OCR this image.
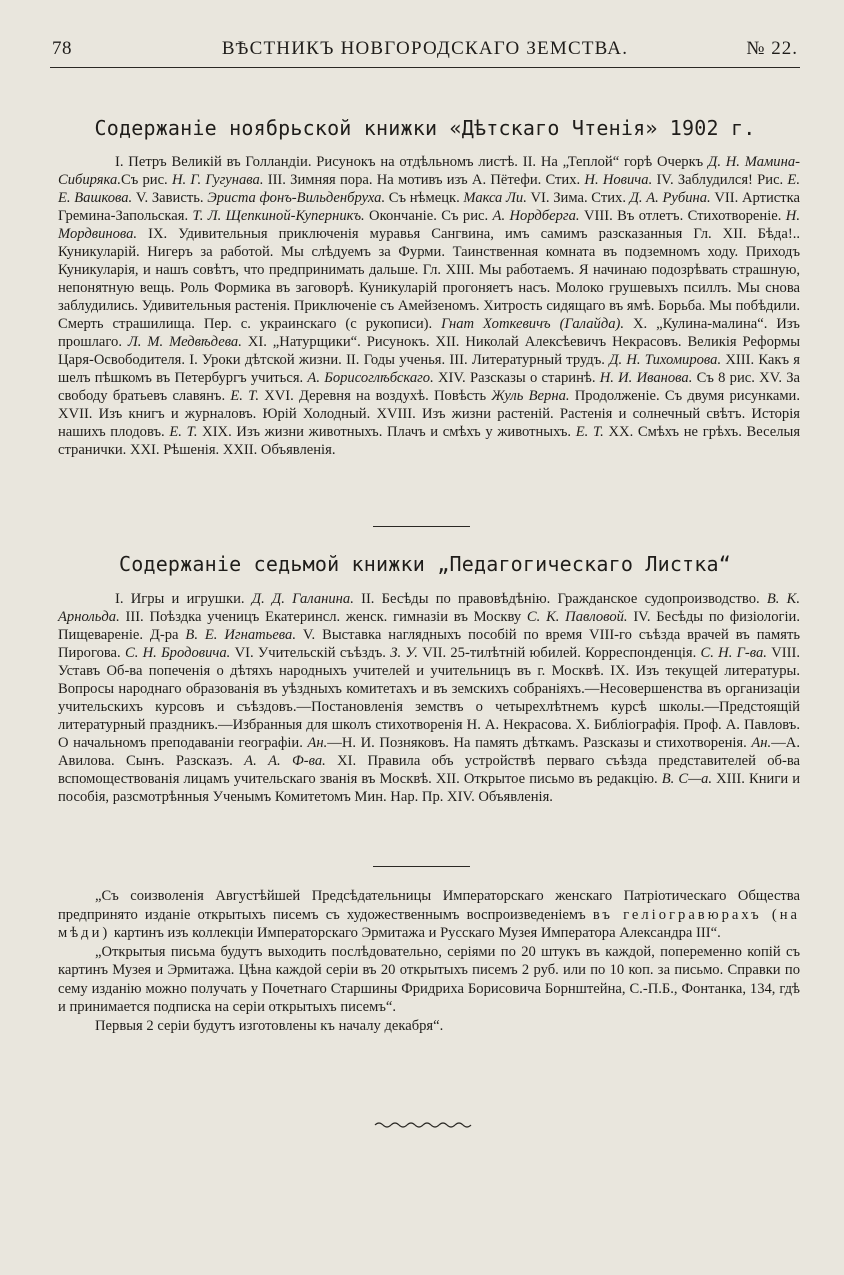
78	ВѢСТНИКЪ НОВГОРОДСКАГО ЗЕМСТВА.	№ 22.
Содержаніе ноябрьской книжки «Дѣтскаго Чтенія» 1902 г.

I. Петръ Великій въ Голландіи. Рисунокъ на отдѣльномъ листѣ. II. На „Теплой“ горѣ Очеркъ Д. Н. Мамина-Сибиряка.Съ рис. Н. Г. Гугунава. III. Зимняя пора. На мотивъ изъ А. Пётефи. Стих. Н. Новича. IV. Заблудился! Рис. Е. Е. Вашкова. V. Зависть. Эриста фонъ-Вильденбруха. Съ нѣмецк. Макса Ли. VI. Зима. Стих. Д. А. Рубина. VII. Артистка Гремина-Запольская. Т. Л. Щепкиной-Куперникъ. Окончаніе. Съ рис. А. Нордберга. VIII. Въ отлетъ. Стихотвореніе. Н. Мордвинова. IX. Удивительныя приключенія муравья Сангвина, имъ самимъ разсказанныя Гл. XII. Бѣда!.. Куникуларій. Нигеръ за работой. Мы слѣдуемъ за Фурми. Таинственная комната въ подземномъ ходу. Приходъ Куникуларія, и нашъ совѣтъ, что предпринимать дальше. Гл. XIII. Мы работаемъ. Я начинаю подозрѣвать страшную, непонятную вещь. Роль Формика въ заговорѣ. Куникуларій прогоняетъ насъ. Молоко грушевыхъ псиллъ. Мы снова заблудились. Удивительныя растенія. Приключеніе съ Амейзеномъ. Хитрость сидящаго въ ямѣ. Борьба. Мы побѣдили. Смерть страшилища. Пер. с. украинскаго (с рукописи). Гнат Хоткевичъ (Галайда). X. „Кулина-малина“. Изъ прошлаго. Л. М. Медвѣдева. XI. „Натурщики“. Рисунокъ. XII. Николай Алексѣевичъ Некрасовъ. Великія Реформы Царя-Освободителя. I. Уроки дѣтской жизни. II. Годы ученья. III. Литературный трудъ. Д. Н. Тихомирова. XIII. Какъ я шелъ пѣшкомъ въ Петербургъ учиться. А. Борисоглѣбскаго. XIV. Разсказы о старинѣ. Н. И. Иванова. Съ 8 рис. XV. За свободу братьевъ славянъ. Е. Т. XVI. Деревня на воздухѣ. Повѣсть Жуль Верна. Продолженіе. Съ двумя рисунками. XVII. Изъ книгъ и журналовъ. Юрій Холодный. XVIII. Изъ жизни растеній. Растенія и солнечный свѣтъ. Исторія нашихъ плодовъ. Е. Т. XIX. Изъ жизни животныхъ. Плачъ и смѣхъ у животныхъ. Е. Т. XX. Смѣхъ не грѣхъ. Веселыя странички. XXI. Рѣшенія. XXII. Объявленія.

Содержаніе седьмой книжки „Педагогическаго Листка“

I. Игры и игрушки. Д. Д. Галанина. II. Бесѣды по правовѣдѣнію. Гражданское судопроизводство. В. К. Арнольда. III. Поѣздка ученицъ Екатеринсл. женск. гимназіи въ Москву С. К. Павловой. IV. Бесѣды по физіологіи. Пищевареніе. Д-ра В. Е. Игнатьева. V. Выставка наглядныхъ пособій по время VIII-го съѣзда врачей въ память Пирогова. С. Н. Бродовича. VI. Учительскій съѣздъ. З. У. VII. 25-тилѣтній юбилей. Корреспонденція. С. Н. Г-ва. VIII. Уставъ Об-ва попеченія о дѣтяхъ народныхъ учителей и учительницъ въ г. Москвѣ. IX. Изъ текущей литературы. Вопросы народнаго образованія въ уѣздныхъ комитетахъ и въ земскихъ собраніяхъ.—Несовершенства въ организаціи учительскихъ курсовъ и съѣздовъ.—Постановленія земствъ о четырехлѣтнемъ курсѣ школы.—Предстоящій литературный праздникъ.—Избранныя для школъ стихотворенія Н. А. Некрасова. X. Библіографія. Проф. А. Павловъ. О начальномъ преподаваніи географіи. Ан.—Н. И. Позняковъ. На память дѣткамъ. Разсказы и стихотворенія. Ан.—А. Авилова. Сынъ. Разсказъ. А. А. Ф-ва. XI. Правила объ устройствѣ перваго съѣзда представителей об-ва вспомоществованія лицамъ учительскаго званія въ Москвѣ. XII. Открытое письмо въ редакцію. В. С—а. XIII. Книги и пособія, разсмотрѣнныя Ученымъ Комитетомъ Мин. Нар. Пр. XIV. Объявленія.

„Съ соизволенія Августѣйшей Предсѣдательницы Императорскаго женскаго Патріотическаго Общества предпринято изданіе открытыхъ писемъ съ художественнымъ воспроизведеніемъ въ геліогравюрахъ (на мѣди) картинъ изъ коллекціи Императорскаго Эрмитажа и Русскаго Музея Императора Александра III“.

„Открытыя письма будутъ выходить послѣдовательно, серіями по 20 штукъ въ каждой, попеременно копій съ картинъ Музея и Эрмитажа. Цѣна каждой серіи въ 20 открытыхъ писемъ 2 руб. или по 10 коп. за письмо. Справки по сему изданію можно получать у Почетнаго Старшины Фридриха Борисовича Борнштейна, С.-П.Б., Фонтанка, 134, гдѣ и принимается подписка на серіи открытыхъ писемъ“.

Первыя 2 серіи будутъ изготовлены къ началу декабря“.
